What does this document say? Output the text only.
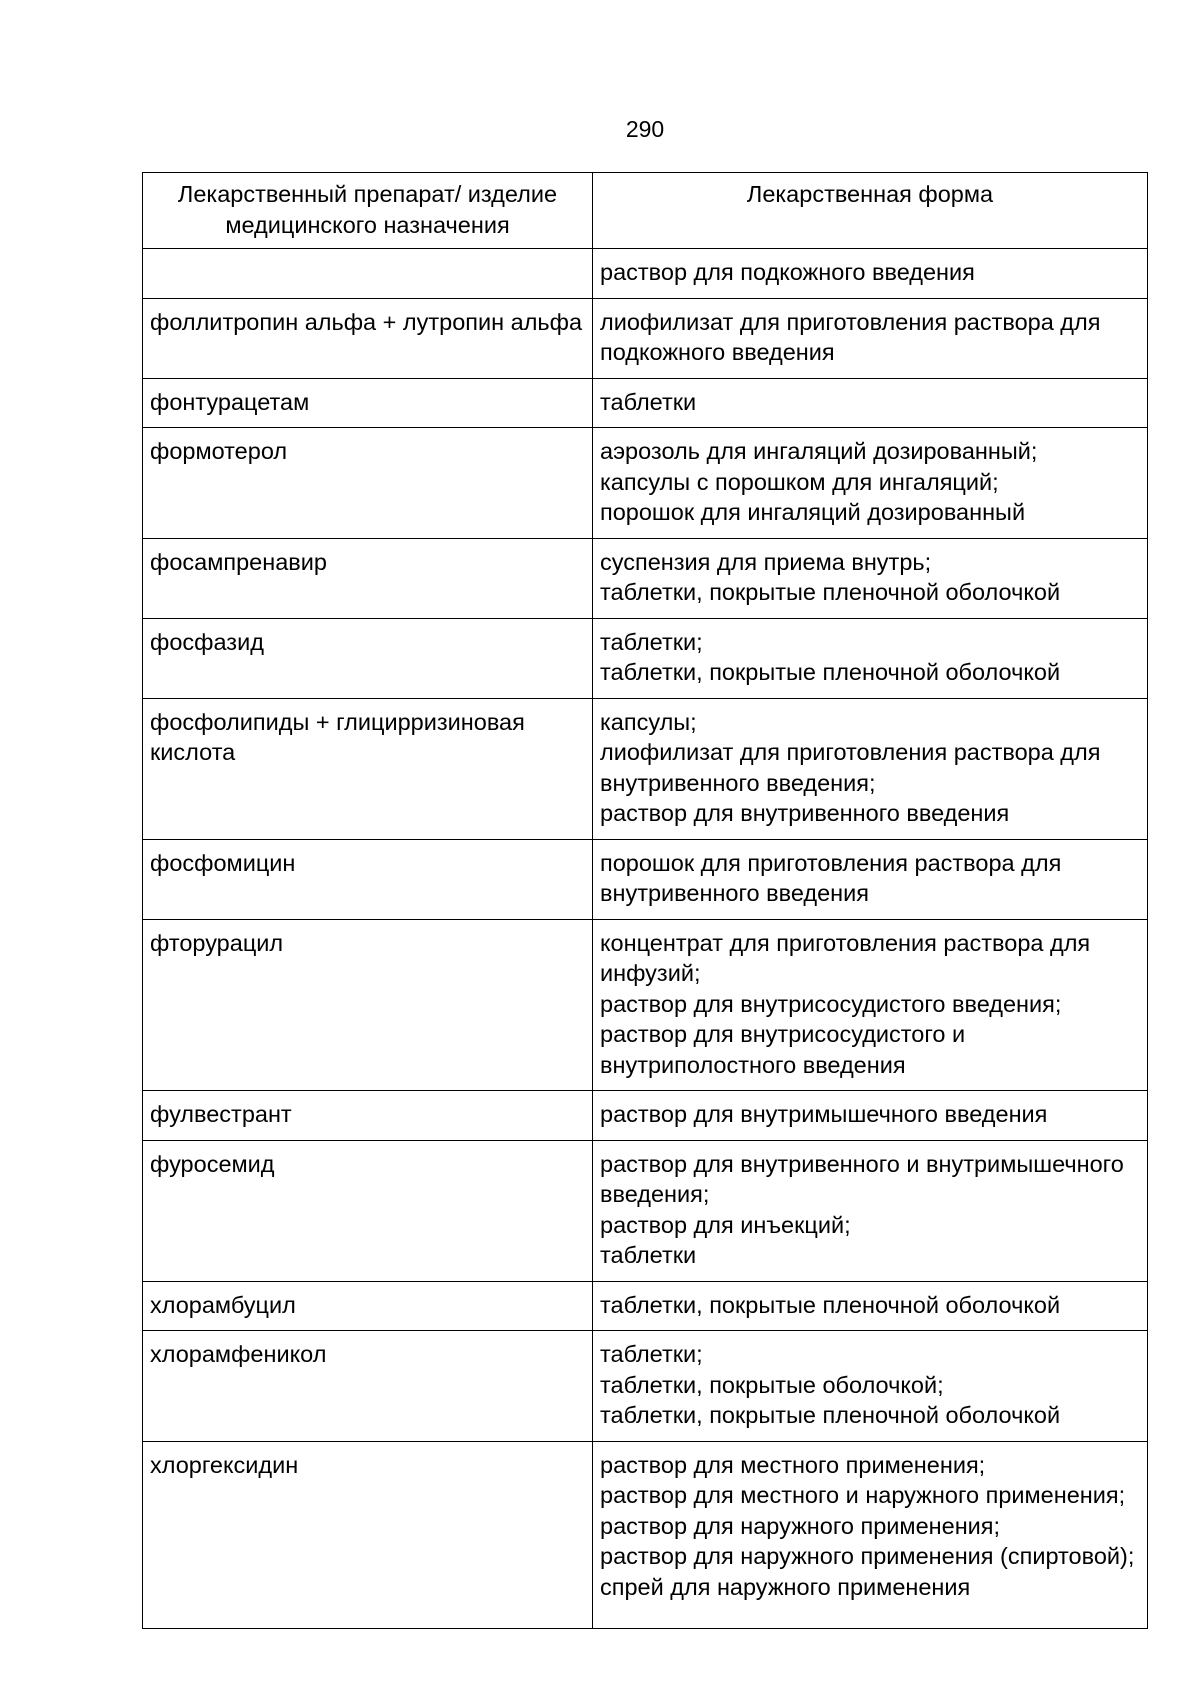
290
Лекарственный препарат/ изделие медицинского назначения	Лекарственная форма

	раствор для подкожного введения

фоллитропин альфа + лутропин альфа	лиофилизат для приготовления раствора для подкожного введения

фонтурацетам	таблетки

формотерол	аэрозоль для ингаляций дозированный;
капсулы с порошком для ингаляций;
порошок для ингаляций дозированный

фосампренавир	суспензия для приема внутрь;
таблетки, покрытые пленочной оболочкой

фосфазид	таблетки;
таблетки, покрытые пленочной оболочкой

фосфолипиды + глицирризиновая кислота	капсулы;
лиофилизат для приготовления раствора для внутривенного введения;
раствор для внутривенного введения

фосфомицин	порошок для приготовления раствора для внутривенного введения

фторурацил	концентрат для приготовления раствора для инфузий;
раствор для внутрисосудистого введения;
раствор для внутрисосудистого и внутриполостного введения

фулвестрант	раствор для внутримышечного введения

фуросемид	раствор для внутривенного и внутримышечного введения;
раствор для инъекций;
таблетки

хлорамбуцил	таблетки, покрытые пленочной оболочкой

хлорамфеникол	таблетки;
таблетки, покрытые оболочкой;
таблетки, покрытые пленочной оболочкой

хлоргексидин	раствор для местного применения;
раствор для местного и наружного применения;
раствор для наружного применения;
раствор для наружного применения (спиртовой);
спрей для наружного применения
